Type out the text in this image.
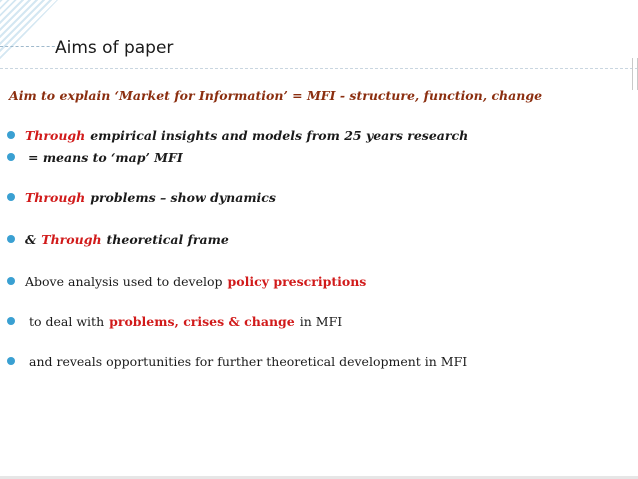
Aims of paper
Aim to explain ‘Market for Information’ = MFI - structure, function, change
Through empirical insights and models from 25 years research
= means to ‘map’ MFI
Through problems – show dynamics
& Through theoretical frame
Above analysis used to develop policy prescriptions
to deal with problems, crises & change in MFI
and reveals opportunities for further theoretical development in MFI
